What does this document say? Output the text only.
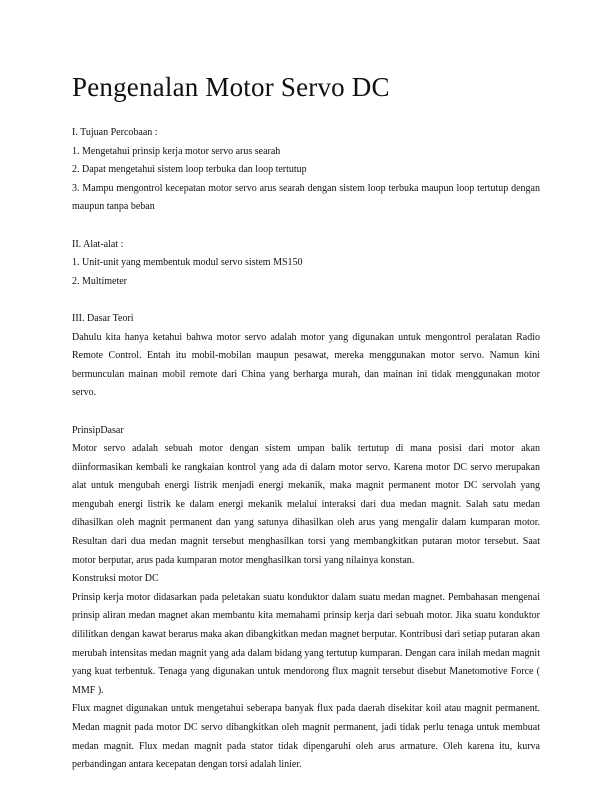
Pengenalan Motor Servo DC

I. Tujuan Percobaan :

1. Mengetahui prinsip kerja motor servo arus searah

2. Dapat mengetahui sistem loop terbuka dan loop tertutup

3. Mampu mengontrol kecepatan motor servo arus searah dengan sistem loop terbuka maupun loop tertutup dengan maupun tanpa beban

II. Alat-alat :

1. Unit-unit yang membentuk modul servo sistem MS150

2. Multimeter

III. Dasar Teori

Dahulu kita hanya ketahui bahwa motor servo adalah motor yang digunakan untuk mengontrol peralatan Radio Remote Control. Entah itu mobil-mobilan maupun pesawat, mereka menggunakan motor servo. Namun kini bermunculan mainan mobil remote dari China yang berharga murah, dan mainan ini tidak menggunakan motor servo.

PrinsipDasar

Motor servo adalah sebuah motor dengan sistem umpan balik tertutup di mana posisi dari motor akan diinformasikan kembali ke rangkaian kontrol yang ada di dalam motor servo. Karena motor DC servo merupakan alat untuk mengubah energi listrik menjadi energi mekanik, maka magnit permanent motor DC servolah yang mengubah energi listrik ke dalam energi mekanik melalui interaksi dari dua medan magnit. Salah satu medan dihasilkan oleh magnit permanent dan yang satunya dihasilkan oleh arus yang mengalir dalam kumparan motor. Resultan dari dua medan magnit tersebut menghasilkan torsi yang membangkitkan putaran motor tersebut. Saat motor berputar, arus pada kumparan motor menghasilkan torsi yang nilainya konstan.

Konstruksi motor DC

Prinsip kerja motor didasarkan pada peletakan suatu konduktor dalam suatu medan magnet. Pembahasan mengenai prinsip aliran medan magnet akan membantu kita memahami prinsip kerja dari sebuah motor. Jika suatu konduktor dililitkan dengan kawat berarus maka akan dibangkitkan medan magnet berputar. Kontribusi dari setiap putaran akan merubah intensitas medan magnit yang ada dalam bidang yang tertutup kumparan. Dengan cara inilah medan magnit yang kuat terbentuk. Tenaga yang digunakan untuk mendorong flux magnit tersebut disebut Manetomotive Force ( MMF ).

Flux magnet digunakan untuk mengetahui seberapa banyak flux pada daerah disekitar koil atau magnit permanent. Medan magnit pada motor DC servo dibangkitkan oleh magnit permanent, jadi tidak perlu tenaga untuk membuat medan magnit. Flux medan magnit pada stator tidak dipengaruhi oleh arus armature. Oleh karena itu, kurva perbandingan antara kecepatan dengan torsi adalah linier.
